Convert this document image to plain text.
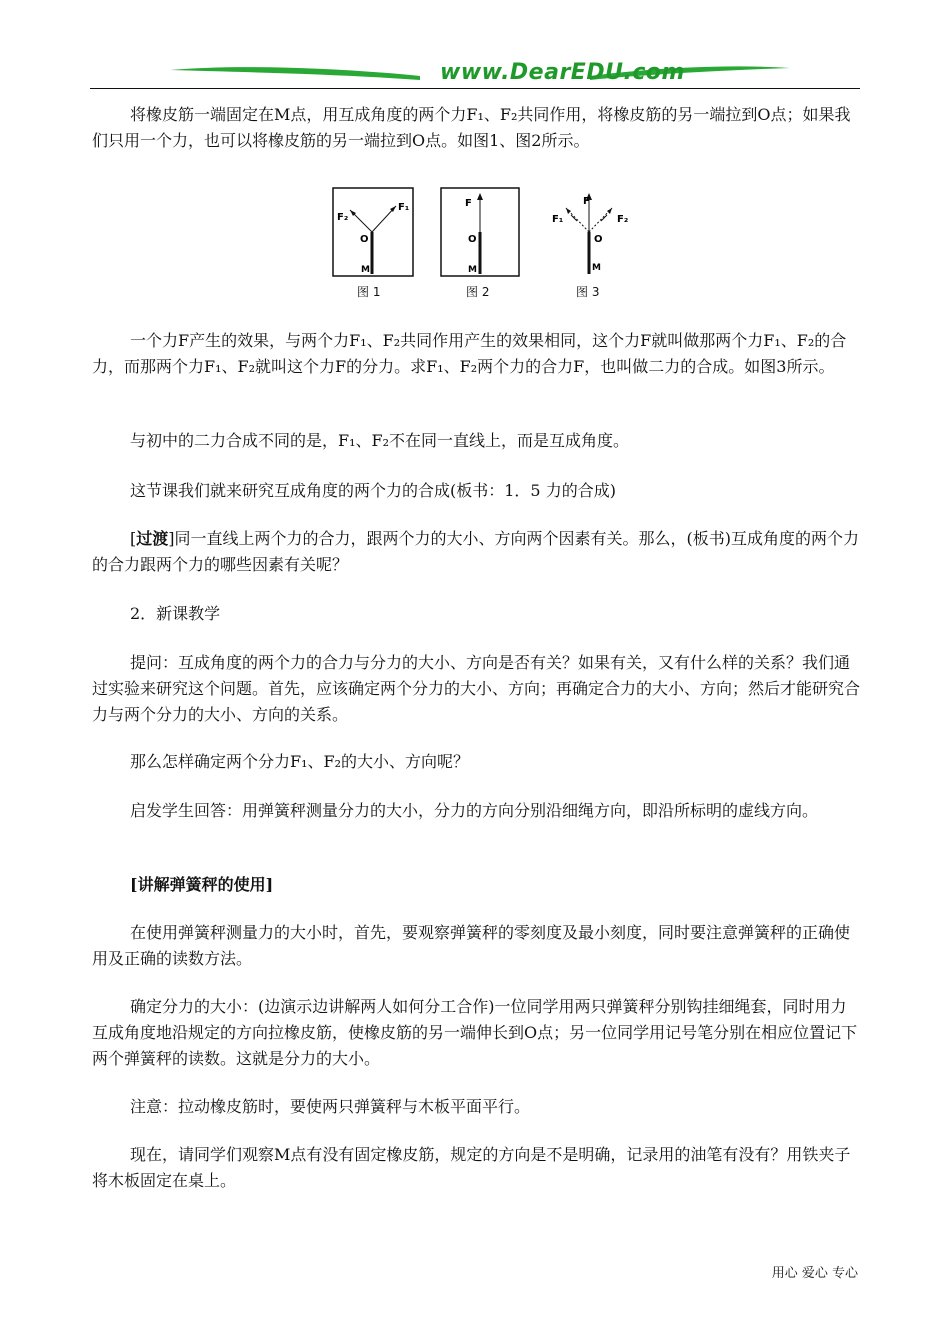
www.DearEDU.com
将橡皮筋一端固定在M点，用互成角度的两个力F₁、F₂共同作用，将橡皮筋的另一端拉到O点；如果我们只用一个力，也可以将橡皮筋的另一端拉到O点。如图1、图2所示。
F₁
F₂
O
M
F
O
M
F
F₁	F₂
O
M
图 1	图 2	图 3
一个力F产生的效果，与两个力F₁、F₂共同作用产生的效果相同，这个力F就叫做那两个力F₁、F₂的合力，而那两个力F₁、F₂就叫这个力F的分力。求F₁、F₂两个力的合力F，也叫做二力的合成。如图3所示。
与初中的二力合成不同的是，F₁、F₂不在同一直线上，而是互成角度。
这节课我们就来研究互成角度的两个力的合成(板书：1．5 力的合成)
[过渡]同一直线上两个力的合力，跟两个力的大小、方向两个因素有关。那么，(板书)互成角度的两个力的合力跟两个力的哪些因素有关呢？
2．新课教学
提问：互成角度的两个力的合力与分力的大小、方向是否有关？如果有关，又有什么样的关系？我们通过实验来研究这个问题。首先，应该确定两个分力的大小、方向；再确定合力的大小、方向；然后才能研究合力与两个分力的大小、方向的关系。
那么怎样确定两个分力F₁、F₂的大小、方向呢？
启发学生回答：用弹簧秤测量分力的大小，分力的方向分别沿细绳方向，即沿所标明的虚线方向。
[讲解弹簧秤的使用]
在使用弹簧秤测量力的大小时，首先，要观察弹簧秤的零刻度及最小刻度，同时要注意弹簧秤的正确使用及正确的读数方法。
确定分力的大小：(边演示边讲解两人如何分工合作)一位同学用两只弹簧秤分别钩挂细绳套，同时用力互成角度地沿规定的方向拉橡皮筋，使橡皮筋的另一端伸长到O点；另一位同学用记号笔分别在相应位置记下两个弹簧秤的读数。这就是分力的大小。
注意：拉动橡皮筋时，要使两只弹簧秤与木板平面平行。
现在，请同学们观察M点有没有固定橡皮筋，规定的方向是不是明确，记录用的油笔有没有？用铁夹子将木板固定在桌上。
用心 爱心 专心
